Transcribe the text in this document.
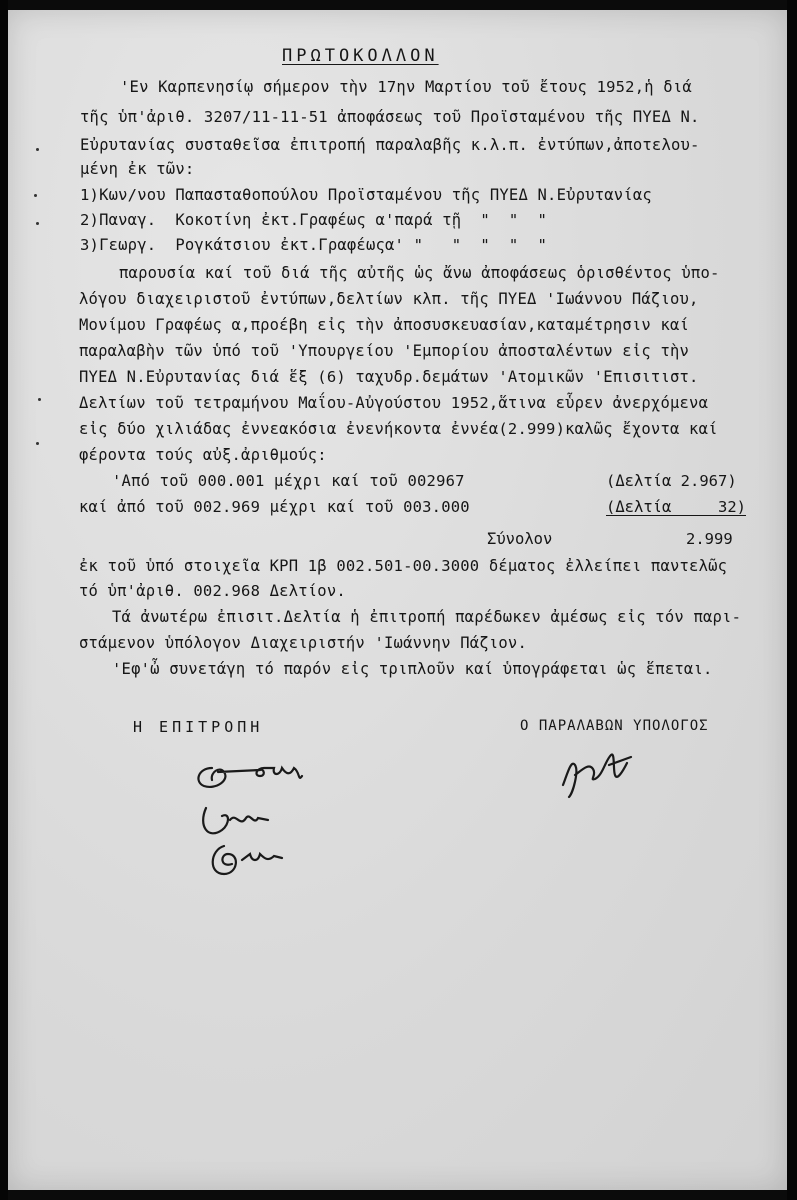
ΠΡΩΤΟΚΟΛΛΟΝ
'Εν Καρπενησίῳ σήμερον τὴν 17ην Μαρτίου τοῦ ἔτους 1952,ἡ διά
τῆς ὑπ'ἀριθ. 3207/11-11-51 ἀποφάσεως τοῦ Προϊσταμένου τῆς ΠΥΕΔ Ν.
Εὐρυτανίας συσταθεῖσα ἐπιτροπή παραλαβῆς κ.λ.π. ἐντύπων,ἀποτελου-
μένη ἐκ τῶν:
1)Κων/νου Παπασταθοπούλου Προϊσταμένου τῆς ΠΥΕΔ Ν.Εὐρυτανίας
2)Παναγ.  Κοκοτίνη ἐκτ.Γραφέως α'παρά τῇ  "  "  "
3)Γεωργ.  Ρογκάτσιου ἐκτ.Γραφέωςα' "   "  "  "  "
παρουσία καί τοῦ διά τῆς αὐτῆς ὡς ἄνω ἀποφάσεως ὁρισθέντος ὑπο-
λόγου διαχειριστοῦ ἐντύπων,δελτίων κλπ. τῆς ΠΥΕΔ 'Ιωάννου Πάζιου,
Μονίμου Γραφέως α,προέβη εἰς τὴν ἀποσυσκευασίαν,καταμέτρησιν καί
παραλαβὴν τῶν ὑπό τοῦ 'Υπουργείου 'Εμπορίου ἀποσταλέντων εἰς τὴν
ΠΥΕΔ Ν.Εὐρυτανίας διά ἕξ (6) ταχυδρ.δεμάτων 'Ατομικῶν 'Επισιτιστ.
Δελτίων τοῦ τετραμήνου Μαΐου-Αὐγούστου 1952,ἅτινα εὗρεν ἀνερχόμενα
εἰς δύο χιλιάδας ἐννεακόσια ἐνενήκοντα ἐννέα(2.999)καλῶς ἔχοντα καί
φέροντα τούς αὐξ.ἀριθμούς:
'Από τοῦ 000.001 μέχρι καί τοῦ 002967	(Δελτία 2.967)
καί ἀπό τοῦ 002.969 μέχρι καί τοῦ 003.000	(Δελτία     32)
Σύνολον	2.999
ἐκ τοῦ ὑπό στοιχεῖα ΚΡΠ 1β 002.501-00.3000 δέματος ἐλλείπει παντελῶς
τό ὑπ'ἀριθ. 002.968 Δελτίον.
Τά ἀνωτέρω ἐπισιτ.Δελτία ἡ ἐπιτροπή παρέδωκεν ἀμέσως εἰς τόν παρι-
στάμενον ὑπόλογον Διαχειριστήν 'Ιωάννην Πάζιον.
'Εφ'ὦ συνετάγη τό παρόν εἰς τριπλοῦν καί ὑπογράφεται ὡς ἕπεται.
Η ΕΠΙΤΡΟΠΗ	Ο ΠΑΡΑΛΑΒΩΝ ΥΠΟΛΟΓΟΣ
